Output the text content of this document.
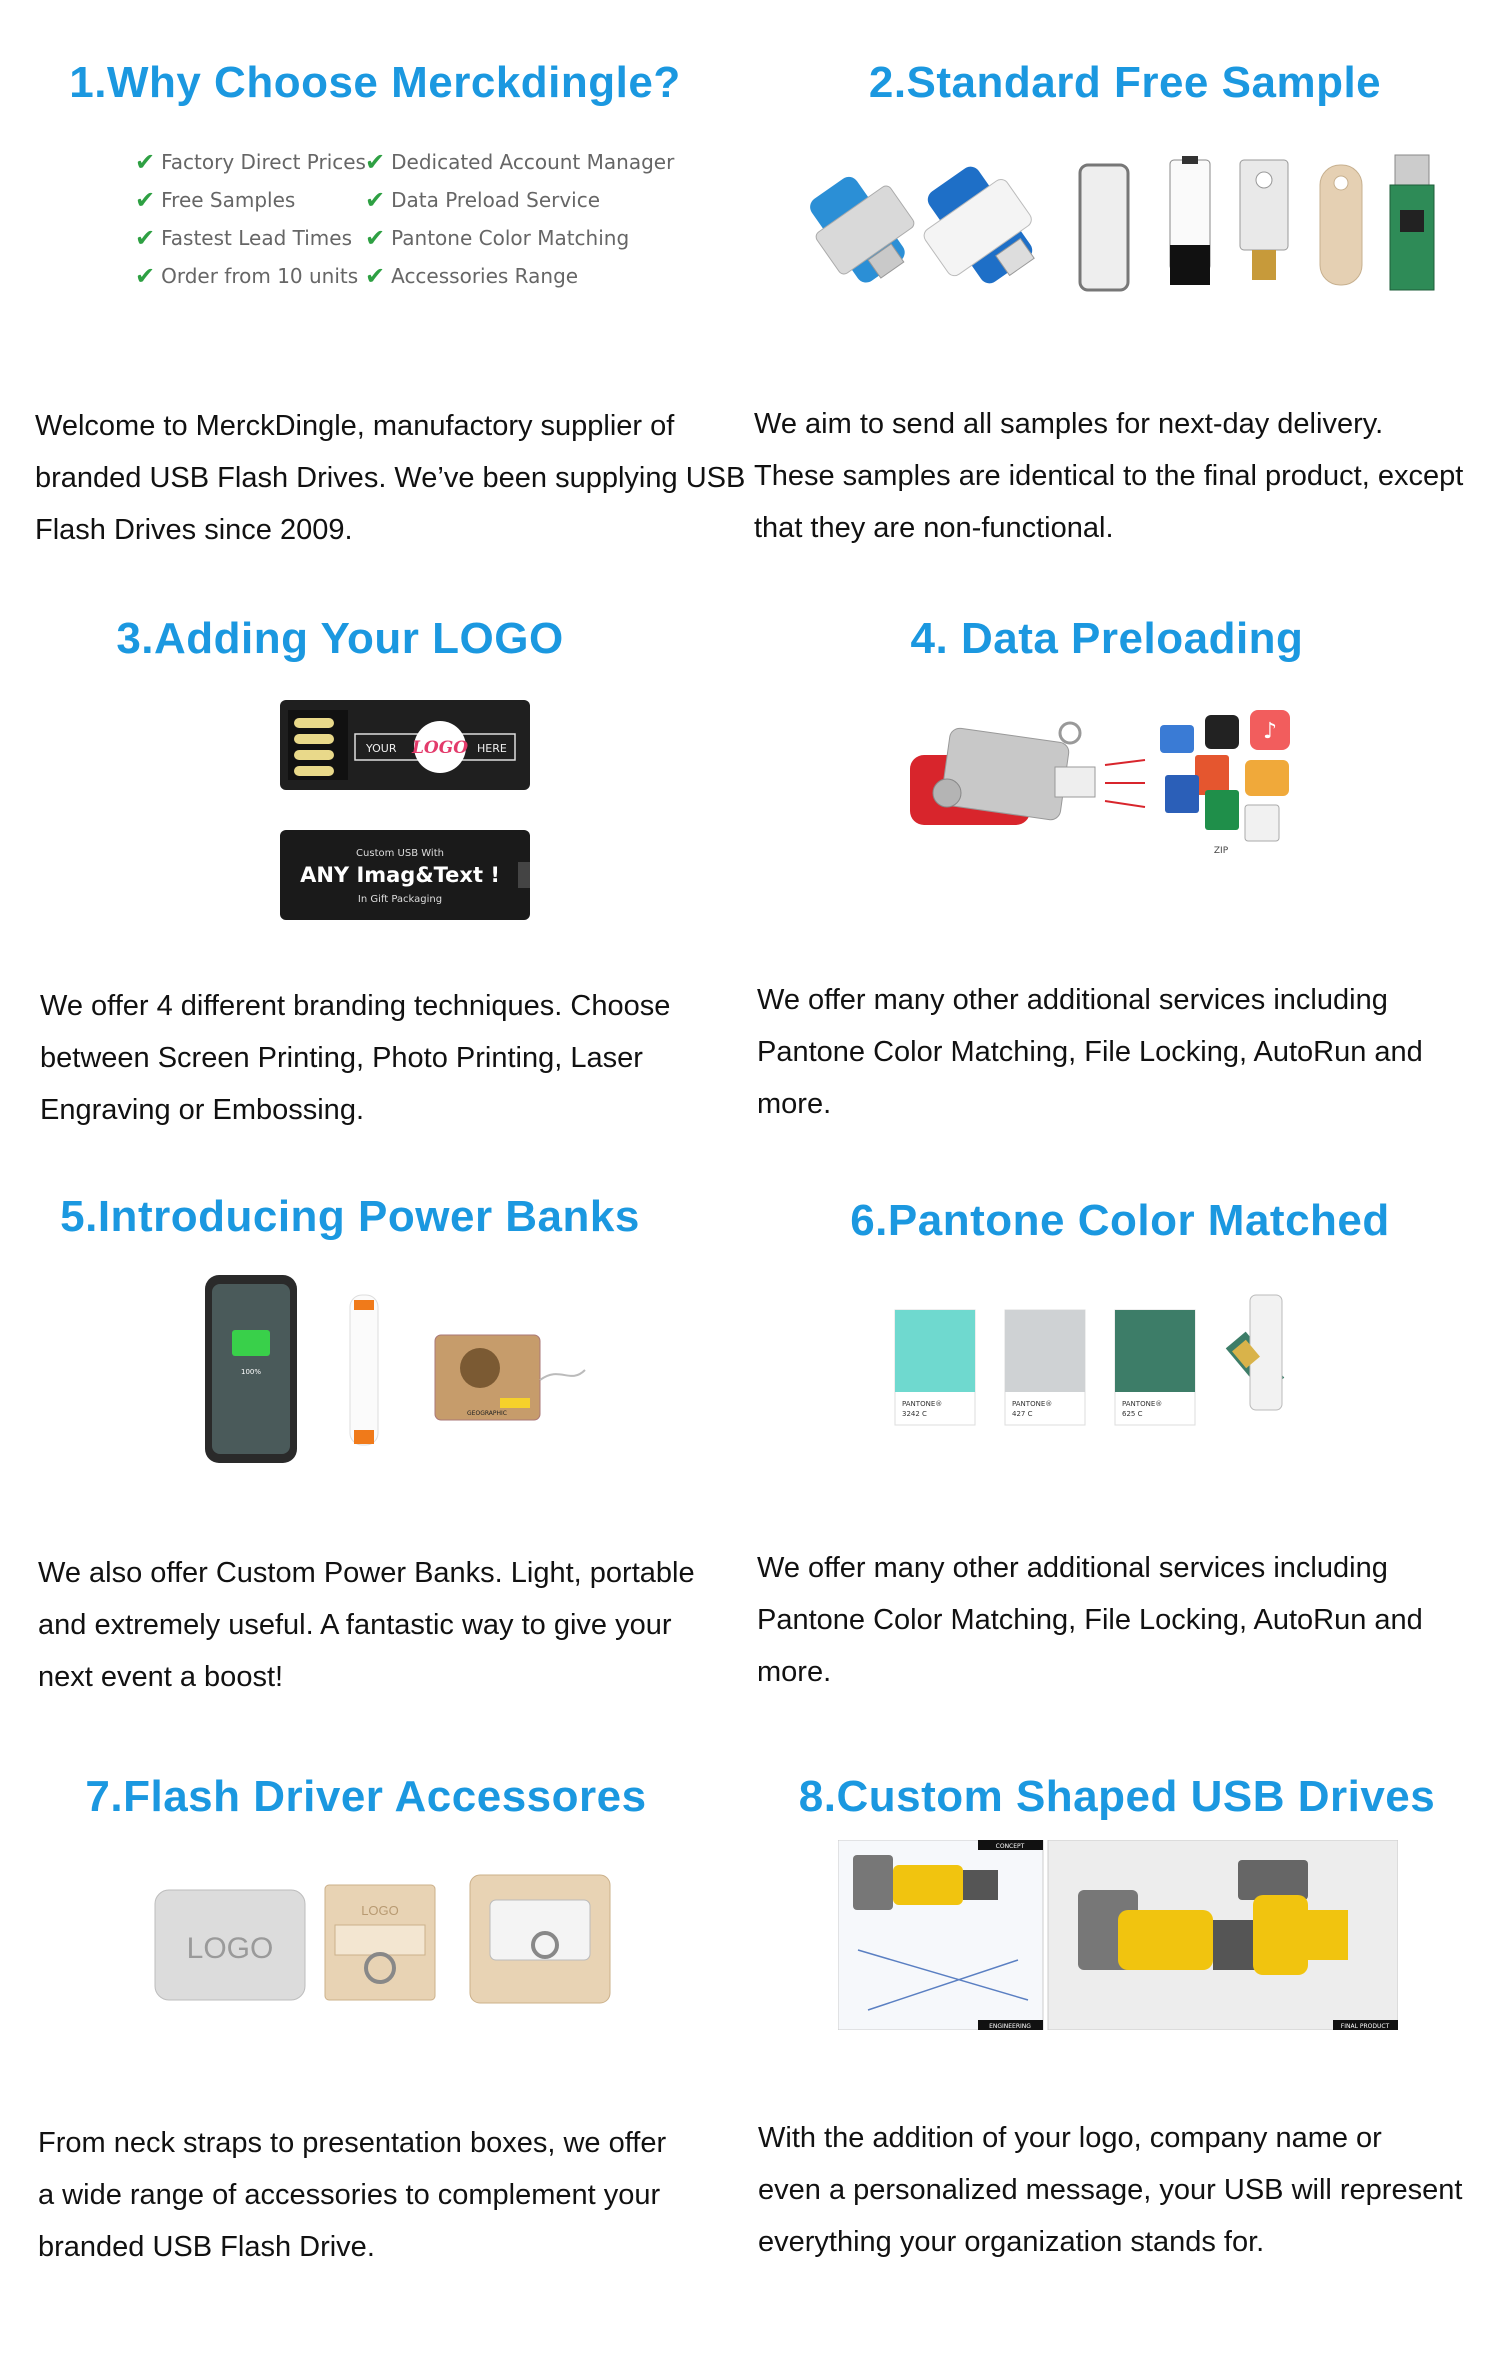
1.Why Choose Merckdingle?
✔ Factory Direct Prices ✔ Dedicated Account Manager
✔ Free Samples	✔ Data Preload Service
✔ Fastest Lead Times ✔ Pantone Color Matching
✔ Order from 10 units ✔ Accessories Range
Welcome to MerckDingle, manufactory supplier of
branded USB Flash Drives. We’ve been supplying USB
Flash Drives since 2009.
2.Standard Free Sample
We aim to send all samples for next-day delivery.
These samples are identical to the final product, except
that they are non-functional.
3.Adding Your LOGO
YOUR LOGO HERE
Custom USB With
ANY Imag&Text !
In Gift Packaging
We offer 4 different branding techniques. Choose
between Screen Printing, Photo Printing, Laser
Engraving or Embossing.
4. Data Preloading
♪
ZIP
We offer many other additional services including
Pantone Color Matching, File Locking, AutoRun and
more.
5.Introducing Power Banks
100%
GEOGRAPHIC
We also offer Custom Power Banks. Light, portable
and extremely useful. A fantastic way to give your
next event a boost!
6.Pantone Color Matched
PANTONE®
3242 C
PANTONE®
427 C
PANTONE®
625 C
We offer many other additional services including
Pantone Color Matching, File Locking, AutoRun and
more.
7.Flash Driver Accessores
LOGO
LOGO
From neck straps to presentation boxes, we offer
a wide range of accessories to complement your
branded USB Flash Drive.
8.Custom Shaped USB Drives
CONCEPT
ENGINEERING	FINAL PRODUCT
With the addition of your logo, company name or
even a personalized message, your USB will represent
everything your organization stands for.
